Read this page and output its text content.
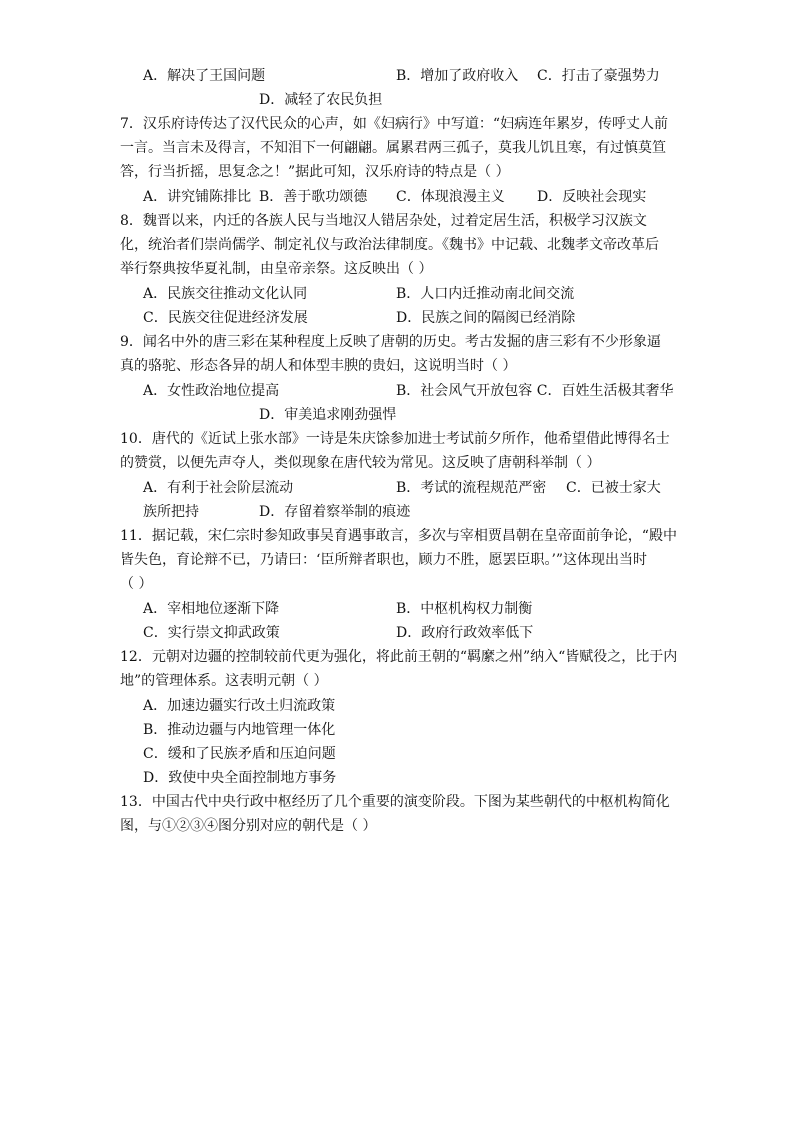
A．解决了王国问题	B．增加了政府收入 C．打击了豪强势力
D．减轻了农民负担
7．汉乐府诗传达了汉代民众的心声，如《妇病行》中写道：“妇病连年累岁，传呼丈人前
一言。当言未及得言，不知泪下一何翩翩。属累君两三孤子，莫我儿饥且寒，有过慎莫笪
答，行当折摇，思复念之！”据此可知，汉乐府诗的特点是（ ）
A．讲究铺陈排比 B．善于歌功颂德 C．体现浪漫主义 D．反映社会现实
8．魏晋以来，内迁的各族人民与当地汉人错居杂处，过着定居生活，积极学习汉族文
化，统治者们崇尚儒学、制定礼仪与政治法律制度。《魏书》中记载、北魏孝文帝改革后
举行祭典按华夏礼制，由皇帝亲祭。这反映出（ ）
A．民族交往推动文化认同	B．人口内迁推动南北间交流
C．民族交往促进经济发展	D．民族之间的隔阂已经消除
9．闻名中外的唐三彩在某种程度上反映了唐朝的历史。考古发掘的唐三彩有不少形象逼
真的骆驼、形态各异的胡人和体型丰腴的贵妇，这说明当时（ ）
A．女性政治地位提高	B．社会风气开放包容 C．百姓生活极其奢华
D．审美追求刚劲强悍
10．唐代的《近试上张水部》一诗是朱庆馀参加进士考试前夕所作，他希望借此博得名士
的赞赏，以便先声夺人，类似现象在唐代较为常见。这反映了唐朝科举制（ ）
A．有利于社会阶层流动	B．考试的流程规范严密 C．已被士家大
族所把持	D．存留着察举制的痕迹
11．据记载，宋仁宗时参知政事吴育遇事敢言，多次与宰相贾昌朝在皇帝面前争论，“殿中
皆失色，育论辩不已，乃请曰：‘臣所辩者职也，顾力不胜，愿罢臣职。’”这体现出当时
（ ）
A．宰相地位逐渐下降	B．中枢机构权力制衡
C．实行崇文抑武政策	D．政府行政效率低下
12．元朝对边疆的控制较前代更为强化，将此前王朝的“羁縻之州”纳入“皆赋役之，比于内
地”的管理体系。这表明元朝（ ）
A．加速边疆实行改土归流政策
B．推动边疆与内地管理一体化
C．缓和了民族矛盾和压迫问题
D．致使中央全面控制地方事务
13．中国古代中央行政中枢经历了几个重要的演变阶段。下图为某些朝代的中枢机构简化
图，与①②③④图分别对应的朝代是（ ）
